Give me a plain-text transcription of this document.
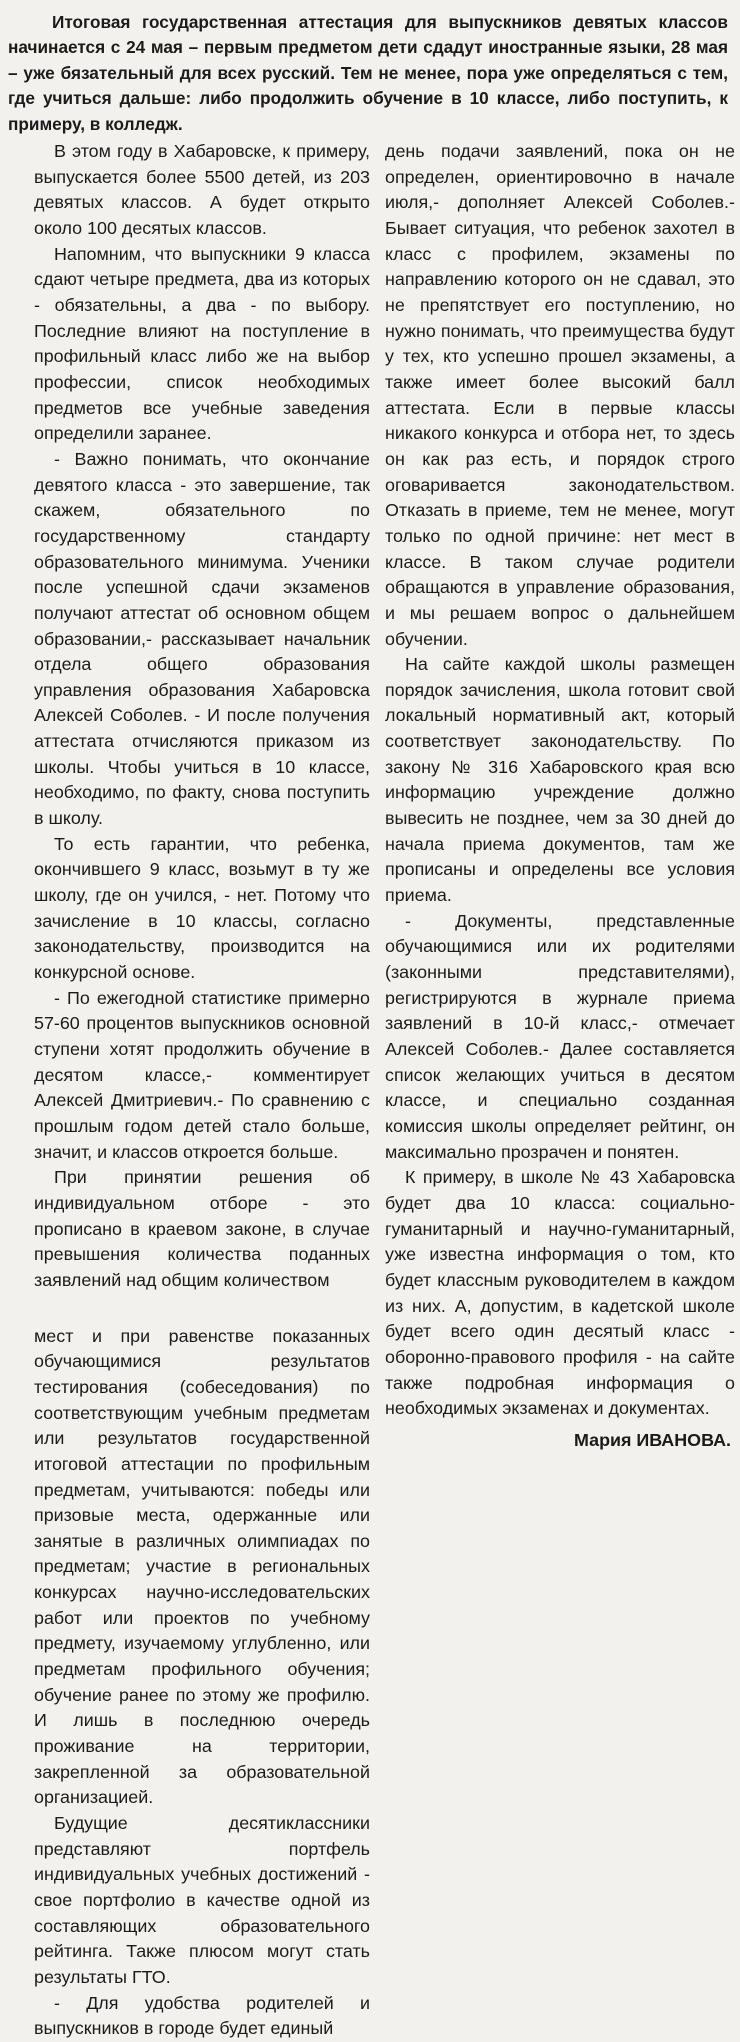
Итоговая государственная аттестация для выпускников девятых классов начинается с 24 мая – первым предметом дети сдадут иностранные языки, 28 мая – уже бязательный для всех русский. Тем не менее, пора уже определяться с тем, где учиться дальше: либо продолжить обучение в 10 классе, либо поступить, к примеру, в колледж.

В этом году в Хабаровске, к примеру, выпускается более 5500 детей, из 203 девятых классов. А будет открыто около 100 десятых классов.

Напомним, что выпускники 9 класса сдают четыре предмета, два из которых - обязательны, а два - по выбору. Последние влияют на поступление в профильный класс либо же на выбор профессии, список необходимых предметов все учебные заведения определили заранее.

- Важно понимать, что окончание девятого класса - это завершение, так скажем, обязательного по государственному стандарту образовательного минимума. Ученики после успешной сдачи экзаменов получают аттестат об основном общем образовании,- рассказывает начальник отдела общего образования управления образования Хабаровска Алексей Соболев. - И после получения аттестата отчисляются приказом из школы. Чтобы учиться в 10 классе, необходимо, по факту, снова поступить в школу.

То есть гарантии, что ребенка, окончившего 9 класс, возьмут в ту же школу, где он учился, - нет. Потому что зачисление в 10 классы, согласно законодательству, производится на конкурсной основе.

- По ежегодной статистике примерно 57-60 процентов выпускников основной ступени хотят продолжить обучение в десятом классе,- комментирует Алексей Дмитриевич.- По сравнению с прошлым годом детей стало больше, значит, и классов откроется больше.

При принятии решения об индивидуальном отборе - это прописано в краевом законе, в случае превышения количества поданных заявлений над общим количеством

мест и при равенстве показанных обучающимися результатов тестирования (собеседования) по соответствующим учебным предметам или результатов государственной итоговой аттестации по профильным предметам, учитываются: победы или призовые места, одержанные или занятые в различных олимпиадах по предметам; участие в региональных конкурсах научно-исследовательских работ или проектов по учебному предмету, изучаемому углубленно, или предметам профильного обучения; обучение ранее по этому же профилю. И лишь в последнюю очередь проживание на территории, закрепленной за образовательной организацией.

Будущие десятиклассники представляют портфель индивидуальных учебных достижений - свое портфолио в качестве одной из составляющих образовательного рейтинга. Также плюсом могут стать результаты ГТО.

- Для удобства родителей и выпускников в городе будет единый

день подачи заявлений, пока он не определен, ориентировочно в начале июля,- дополняет Алексей Соболев.- Бывает ситуация, что ребенок захотел в класс с профилем, экзамены по направлению которого он не сдавал, это не препятствует его поступлению, но нужно понимать, что преимущества будут у тех, кто успешно прошел экзамены, а также имеет более высокий балл аттестата. Если в первые классы никакого конкурса и отбора нет, то здесь он как раз есть, и порядок строго оговаривается законодательством. Отказать в приеме, тем не менее, могут только по одной причине: нет мест в классе. В таком случае родители обращаются в управление образования, и мы решаем вопрос о дальнейшем обучении.

На сайте каждой школы размещен порядок зачисления, школа готовит свой локальный нормативный акт, который соответствует законодательству. По закону № 316 Хабаровского края всю информацию учреждение должно вывесить не позднее, чем за 30 дней до начала приема документов, там же прописаны и определены все условия приема.

- Документы, представленные обучающимися или их родителями (законными представителями), регистрируются в журнале приема заявлений в 10-й класс,- отмечает Алексей Соболев.- Далее составляется список желающих учиться в десятом классе, и специально созданная комиссия школы определяет рейтинг, он максимально прозрачен и понятен.

К примеру, в школе № 43 Хабаровска будет два 10 класса: социально-гуманитарный и научно-гуманитарный, уже известна информация о том, кто будет классным руководителем в каждом из них. А, допустим, в кадетской школе будет всего один десятый класс - оборонно-правового профиля - на сайте также подробная информация о необходимых экзаменах и документах.

Мария ИВАНОВА.
